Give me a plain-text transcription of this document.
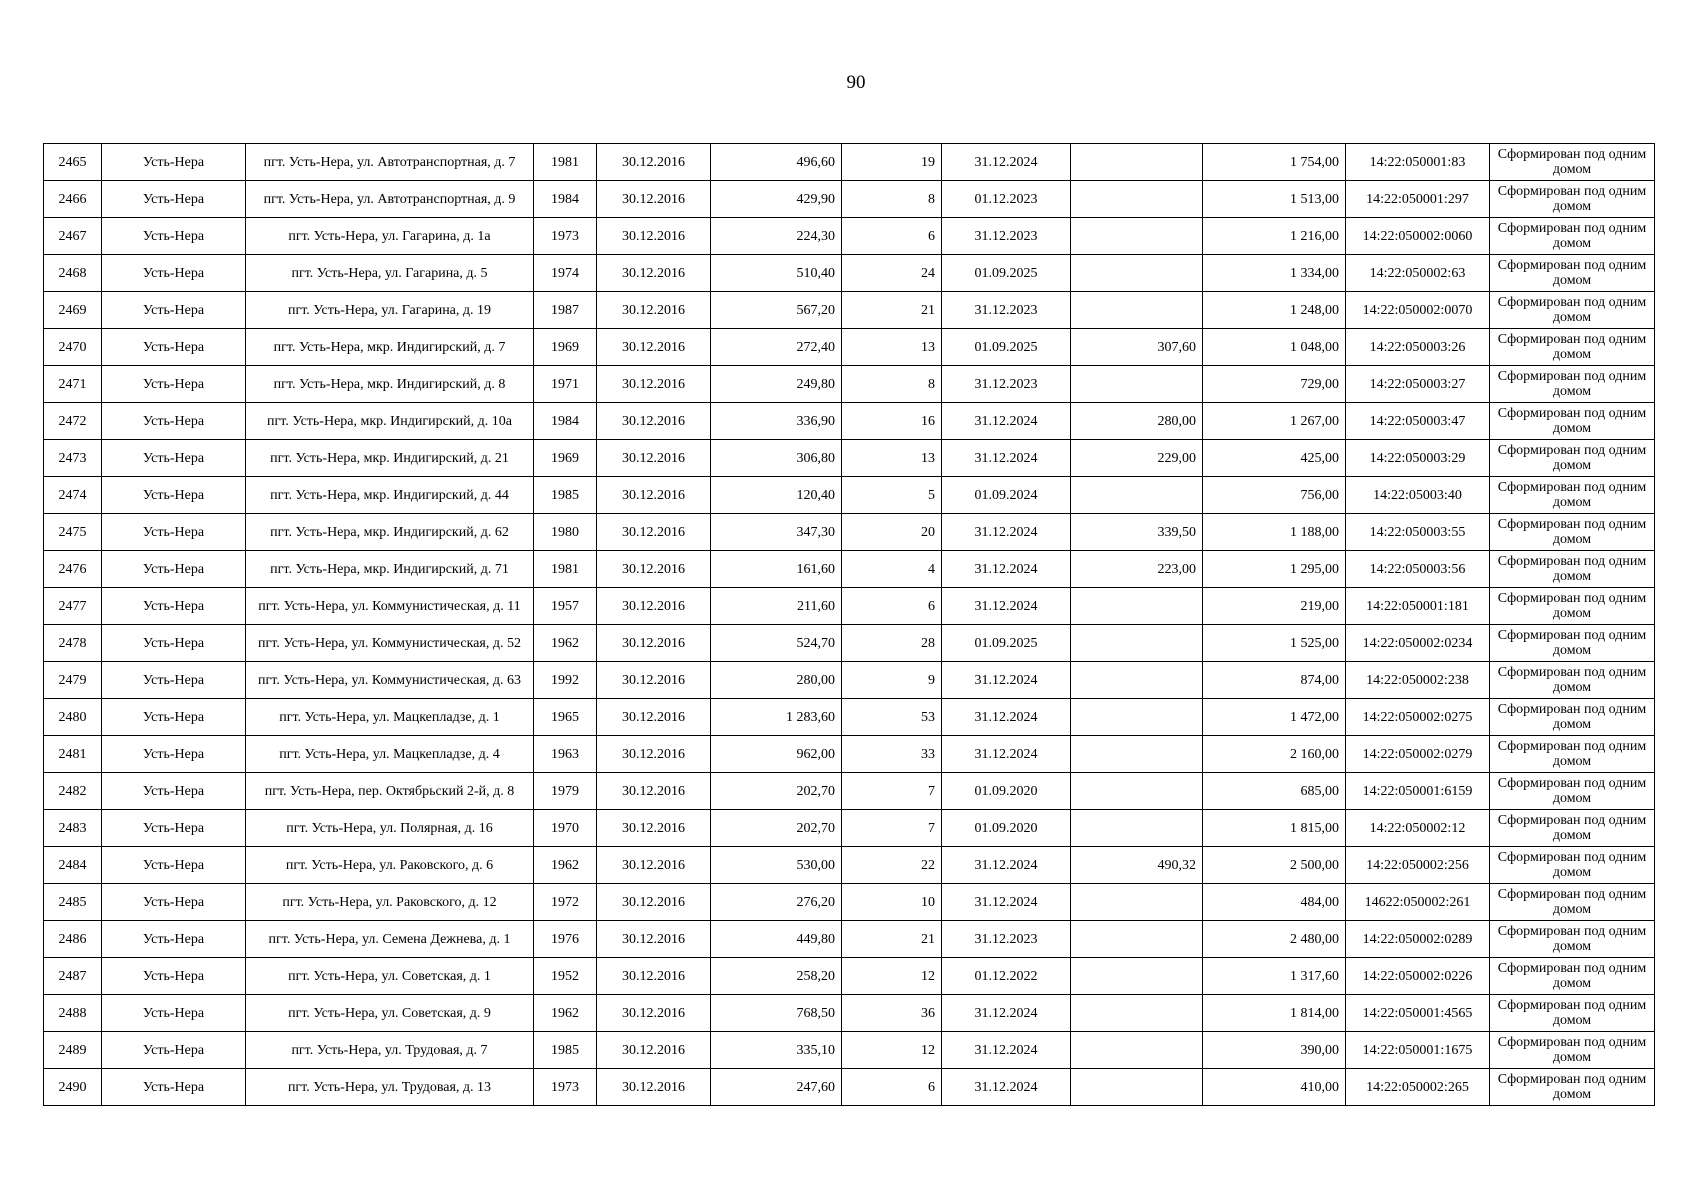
90
2465	Усть-Нера	пгт. Усть-Нера, ул. Автотранспортная, д. 7	1981	30.12.2016	496,60	19	31.12.2024		1 754,00	14:22:050001:83	Сформирован под одним домом
2466	Усть-Нера	пгт. Усть-Нера, ул. Автотранспортная, д. 9	1984	30.12.2016	429,90	8	01.12.2023		1 513,00	14:22:050001:297	Сформирован под одним домом
2467	Усть-Нера	пгт. Усть-Нера, ул. Гагарина, д. 1а	1973	30.12.2016	224,30	6	31.12.2023		1 216,00	14:22:050002:0060	Сформирован под одним домом
2468	Усть-Нера	пгт. Усть-Нера, ул. Гагарина, д. 5	1974	30.12.2016	510,40	24	01.09.2025		1 334,00	14:22:050002:63	Сформирован под одним домом
2469	Усть-Нера	пгт. Усть-Нера, ул. Гагарина, д. 19	1987	30.12.2016	567,20	21	31.12.2023		1 248,00	14:22:050002:0070	Сформирован под одним домом
2470	Усть-Нера	пгт. Усть-Нера, мкр. Индигирский, д. 7	1969	30.12.2016	272,40	13	01.09.2025	307,60	1 048,00	14:22:050003:26	Сформирован под одним домом
2471	Усть-Нера	пгт. Усть-Нера, мкр. Индигирский, д. 8	1971	30.12.2016	249,80	8	31.12.2023		729,00	14:22:050003:27	Сформирован под одним домом
2472	Усть-Нера	пгт. Усть-Нера, мкр. Индигирский, д. 10а	1984	30.12.2016	336,90	16	31.12.2024	280,00	1 267,00	14:22:050003:47	Сформирован под одним домом
2473	Усть-Нера	пгт. Усть-Нера, мкр. Индигирский, д. 21	1969	30.12.2016	306,80	13	31.12.2024	229,00	425,00	14:22:050003:29	Сформирован под одним домом
2474	Усть-Нера	пгт. Усть-Нера, мкр. Индигирский, д. 44	1985	30.12.2016	120,40	5	01.09.2024		756,00	14:22:05003:40	Сформирован под одним домом
2475	Усть-Нера	пгт. Усть-Нера, мкр. Индигирский, д. 62	1980	30.12.2016	347,30	20	31.12.2024	339,50	1 188,00	14:22:050003:55	Сформирован под одним домом
2476	Усть-Нера	пгт. Усть-Нера, мкр. Индигирский, д. 71	1981	30.12.2016	161,60	4	31.12.2024	223,00	1 295,00	14:22:050003:56	Сформирован под одним домом
2477	Усть-Нера	пгт. Усть-Нера, ул. Коммунистическая, д. 11	1957	30.12.2016	211,60	6	31.12.2024		219,00	14:22:050001:181	Сформирован под одним домом
2478	Усть-Нера	пгт. Усть-Нера, ул. Коммунистическая, д. 52	1962	30.12.2016	524,70	28	01.09.2025		1 525,00	14:22:050002:0234	Сформирован под одним домом
2479	Усть-Нера	пгт. Усть-Нера, ул. Коммунистическая, д. 63	1992	30.12.2016	280,00	9	31.12.2024		874,00	14:22:050002:238	Сформирован под одним домом
2480	Усть-Нера	пгт. Усть-Нера, ул. Мацкепладзе, д. 1	1965	30.12.2016	1 283,60	53	31.12.2024		1 472,00	14:22:050002:0275	Сформирован под одним домом
2481	Усть-Нера	пгт. Усть-Нера, ул. Мацкепладзе, д. 4	1963	30.12.2016	962,00	33	31.12.2024		2 160,00	14:22:050002:0279	Сформирован под одним домом
2482	Усть-Нера	пгт. Усть-Нера, пер. Октябрьский 2-й, д. 8	1979	30.12.2016	202,70	7	01.09.2020		685,00	14:22:050001:6159	Сформирован под одним домом
2483	Усть-Нера	пгт. Усть-Нера, ул. Полярная, д. 16	1970	30.12.2016	202,70	7	01.09.2020		1 815,00	14:22:050002:12	Сформирован под одним домом
2484	Усть-Нера	пгт. Усть-Нера, ул. Раковского, д. 6	1962	30.12.2016	530,00	22	31.12.2024	490,32	2 500,00	14:22:050002:256	Сформирован под одним домом
2485	Усть-Нера	пгт. Усть-Нера, ул. Раковского, д. 12	1972	30.12.2016	276,20	10	31.12.2024		484,00	14622:050002:261	Сформирован под одним домом
2486	Усть-Нера	пгт. Усть-Нера, ул. Семена Дежнева, д. 1	1976	30.12.2016	449,80	21	31.12.2023		2 480,00	14:22:050002:0289	Сформирован под одним домом
2487	Усть-Нера	пгт. Усть-Нера, ул. Советская, д. 1	1952	30.12.2016	258,20	12	01.12.2022		1 317,60	14:22:050002:0226	Сформирован под одним домом
2488	Усть-Нера	пгт. Усть-Нера, ул. Советская, д. 9	1962	30.12.2016	768,50	36	31.12.2024		1 814,00	14:22:050001:4565	Сформирован под одним домом
2489	Усть-Нера	пгт. Усть-Нера, ул. Трудовая, д. 7	1985	30.12.2016	335,10	12	31.12.2024		390,00	14:22:050001:1675	Сформирован под одним домом
2490	Усть-Нера	пгт. Усть-Нера, ул. Трудовая, д. 13	1973	30.12.2016	247,60	6	31.12.2024		410,00	14:22:050002:265	Сформирован под одним домом
